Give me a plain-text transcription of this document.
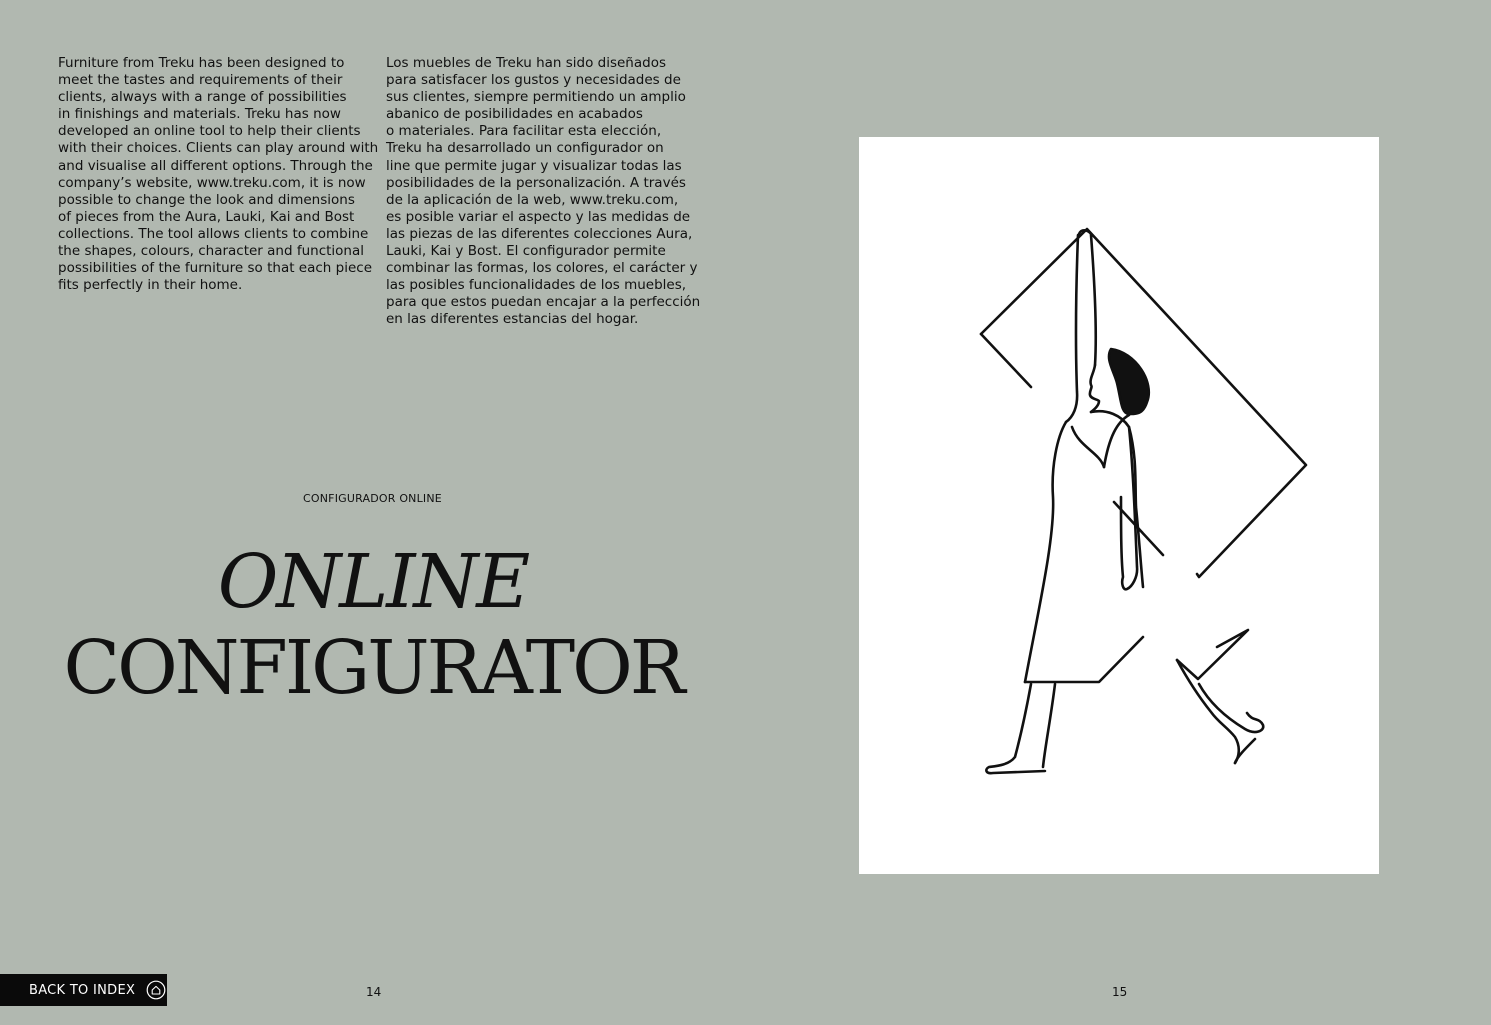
Furniture from Treku has been designed to
meet the tastes and requirements of their
clients, always with a range of possibilities
in finishings and materials. Treku has now
developed an online tool to help their clients
with their choices. Clients can play around with
and visualise all different options. Through the
company’s website, www.treku.com, it is now
possible to change the look and dimensions
of pieces from the Aura, Lauki, Kai and Bost
collections. The tool allows clients to combine
the shapes, colours, character and functional
possibilities of the furniture so that each piece
fits perfectly in their home.
Los muebles de Treku han sido diseñados
para satisfacer los gustos y necesidades de
sus clientes, siempre permitiendo un amplio
abanico de posibilidades en acabados
o materiales. Para facilitar esta elección,
Treku ha desarrollado un configurador on
line que permite jugar y visualizar todas las
posibilidades de la personalización. A través
de la aplicación de la web, www.treku.com,
es posible variar el aspecto y las medidas de
las piezas de las diferentes colecciones Aura,
Lauki, Kai y Bost. El configurador permite
combinar las formas, los colores, el carácter y
las posibles funcionalidades de los muebles,
para que estos puedan encajar a la perfección
en las diferentes estancias del hogar.
CONFIGURADOR ONLINE
ONLINE
CONFIGURATOR
BACK TO INDEX	14	15
